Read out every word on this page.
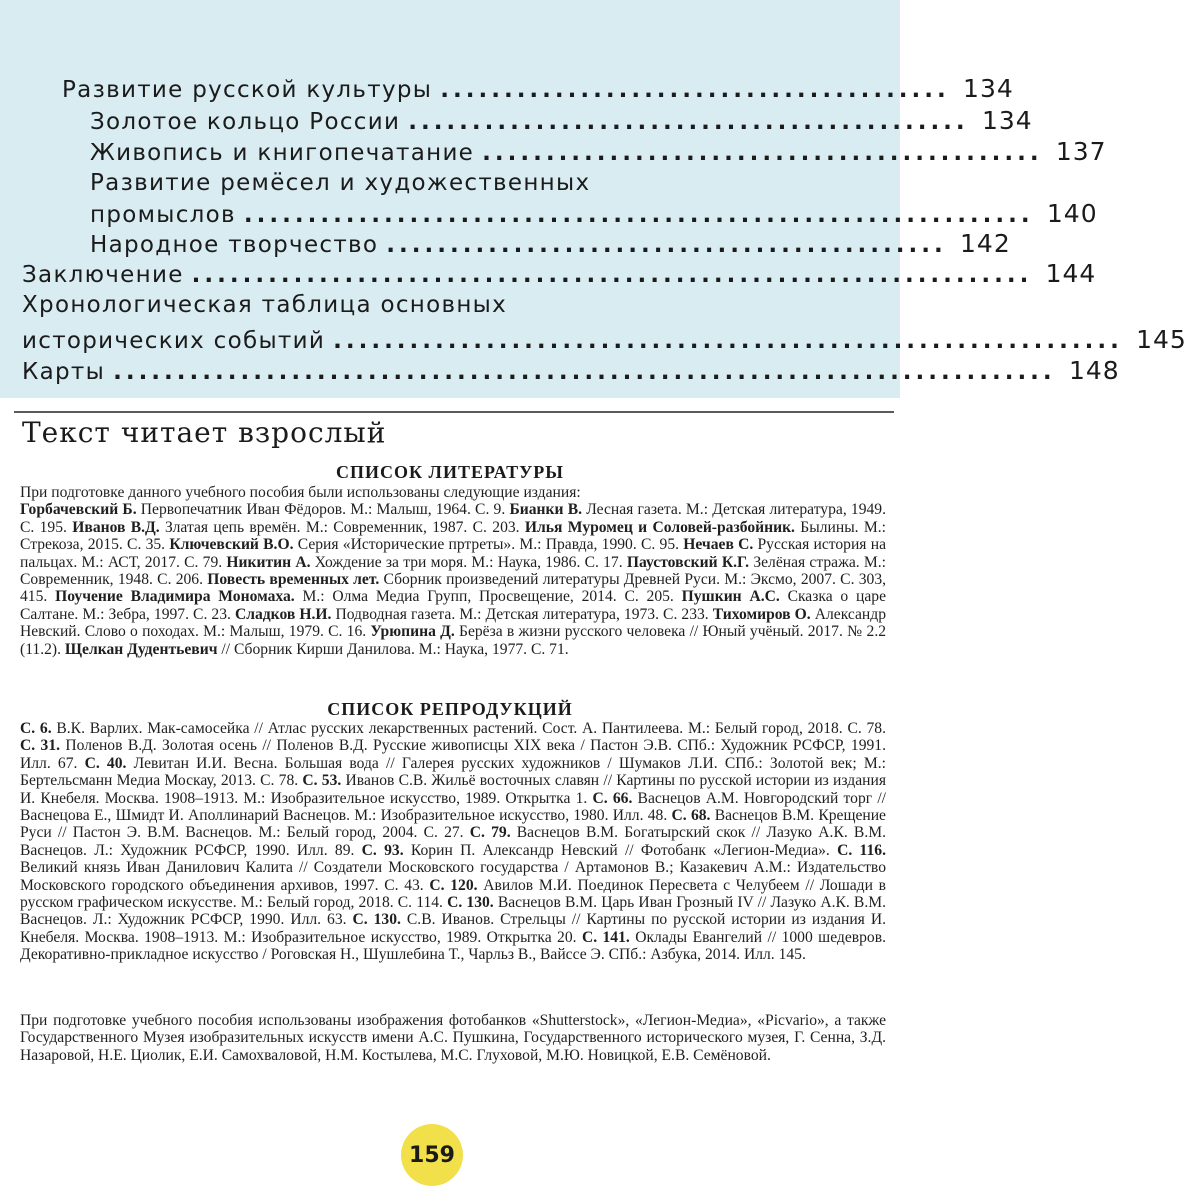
Развитие русской культуры ........................................ 134
Золотое кольцо России ............................................ 134
Живопись и книгопечатание ............................................ 137
Развитие ремёсел и художественных
промыслов .............................................................. 140
Народное творчество ............................................ 142
Заключение .................................................................. 144
Хронологическая таблица основных
исторических событий .............................................................. 145
Карты .......................................................................... 148
Текст читает взрослый
СПИСОК ЛИТЕРАТУРЫ

При подготовке данного учебного пособия были использованы следующие издания:
Горбачевский Б. Первопечатник Иван Фёдоров. М.: Малыш, 1964. С. 9. Бианки В. Лесная газета. М.: Детская литература, 1949. С. 195. Иванов В.Д. Златая цепь времён. М.: Современник, 1987. С. 203. Илья Муромец и Соловей-разбойник. Былины. М.: Стрекоза, 2015. С. 35. Ключевский В.О. Серия «Исторические пртреты». М.: Правда, 1990. С. 95. Нечаев С. Русская история на пальцах. М.: АСТ, 2017. С. 79. Никитин А. Хождение за три моря. М.: Наука, 1986. С. 17. Паустовский К.Г. Зелёная стража. М.: Современник, 1948. С. 206. Повесть временных лет. Сборник произведений литературы Древней Руси. М.: Эксмо, 2007. С. 303, 415. Поучение Владимира Мономаха. М.: Олма Медиа Групп, Просвещение, 2014. С. 205. Пушкин А.С. Сказка о царе Салтане. М.: Зебра, 1997. С. 23. Сладков Н.И. Подводная газета. М.: Детская литература, 1973. С. 233. Тихомиров О. Александр Невский. Слово о походах. М.: Малыш, 1979. С. 16. Урюпина Д. Берёза в жизни русского человека // Юный учёный. 2017. № 2.2 (11.2). Щелкан Дудентьевич // Сборник Кирши Данилова. М.: Наука, 1977. С. 71.

СПИСОК РЕПРОДУКЦИЙ

С. 6. В.К. Варлих. Мак-самосейка // Атлас русских лекарственных растений. Сост. А. Пантилеева. М.: Белый город, 2018. С. 78. С. 31. Поленов В.Д. Золотая осень // Поленов В.Д. Русские живописцы XIX века / Пастон Э.В. СПб.: Художник РСФСР, 1991. Илл. 67. С. 40. Левитан И.И. Весна. Большая вода // Галерея русских художников / Шумаков Л.И. СПб.: Золотой век; М.: Бертельсманн Медиа Москау, 2013. С. 78. С. 53. Иванов С.В. Жильё восточных славян // Картины по русской истории из издания И. Кнебеля. Москва. 1908–1913. М.: Изобразительное искусство, 1989. Открытка 1. С. 66. Васнецов А.М. Новгородский торг // Васнецова Е., Шмидт И. Аполлинарий Васнецов. М.: Изобразительное искусство, 1980. Илл. 48. С. 68. Васнецов В.М. Крещение Руси // Пастон Э. В.М. Васнецов. М.: Белый город, 2004. С. 27. С. 79. Васнецов В.М. Богатырский скок // Лазуко А.К. В.М. Васнецов. Л.: Художник РСФСР, 1990. Илл. 89. С. 93. Корин П. Александр Невский // Фотобанк «Легион-Медиа». С. 116. Великий князь Иван Данилович Калита // Создатели Московского государства / Артамонов В.; Казакевич А.М.: Издательство Московского городского объединения архивов, 1997. С. 43. С. 120. Авилов М.И. Поединок Пересвета с Челубеем // Лошади в русском графическом искусстве. М.: Белый город, 2018. С. 114. С. 130. Васнецов В.М. Царь Иван Грозный IV // Лазуко А.К. В.М. Васнецов. Л.: Художник РСФСР, 1990. Илл. 63. С. 130. С.В. Иванов. Стрельцы // Картины по русской истории из издания И. Кнебеля. Москва. 1908–1913. М.: Изобразительное искусство, 1989. Открытка 20. С. 141. Оклады Евангелий // 1000 шедевров. Декоративно-прикладное искусство / Роговская Н., Шушлебина Т., Чарльз В., Вайссе Э. СПб.: Азбука, 2014. Илл. 145.

При подготовке учебного пособия использованы изображения фотобанков «Shutterstock», «Легион-Медиа», «Picvario», а также Государственного Музея изобразительных искусств имени А.С. Пушкина, Государственного исторического музея, Г. Сенна, З.Д. Назаровой, Н.Е. Циолик, Е.И. Самохваловой, Н.М. Костылева, М.С. Глуховой, М.Ю. Новицкой, Е.В. Семёновой.

159
